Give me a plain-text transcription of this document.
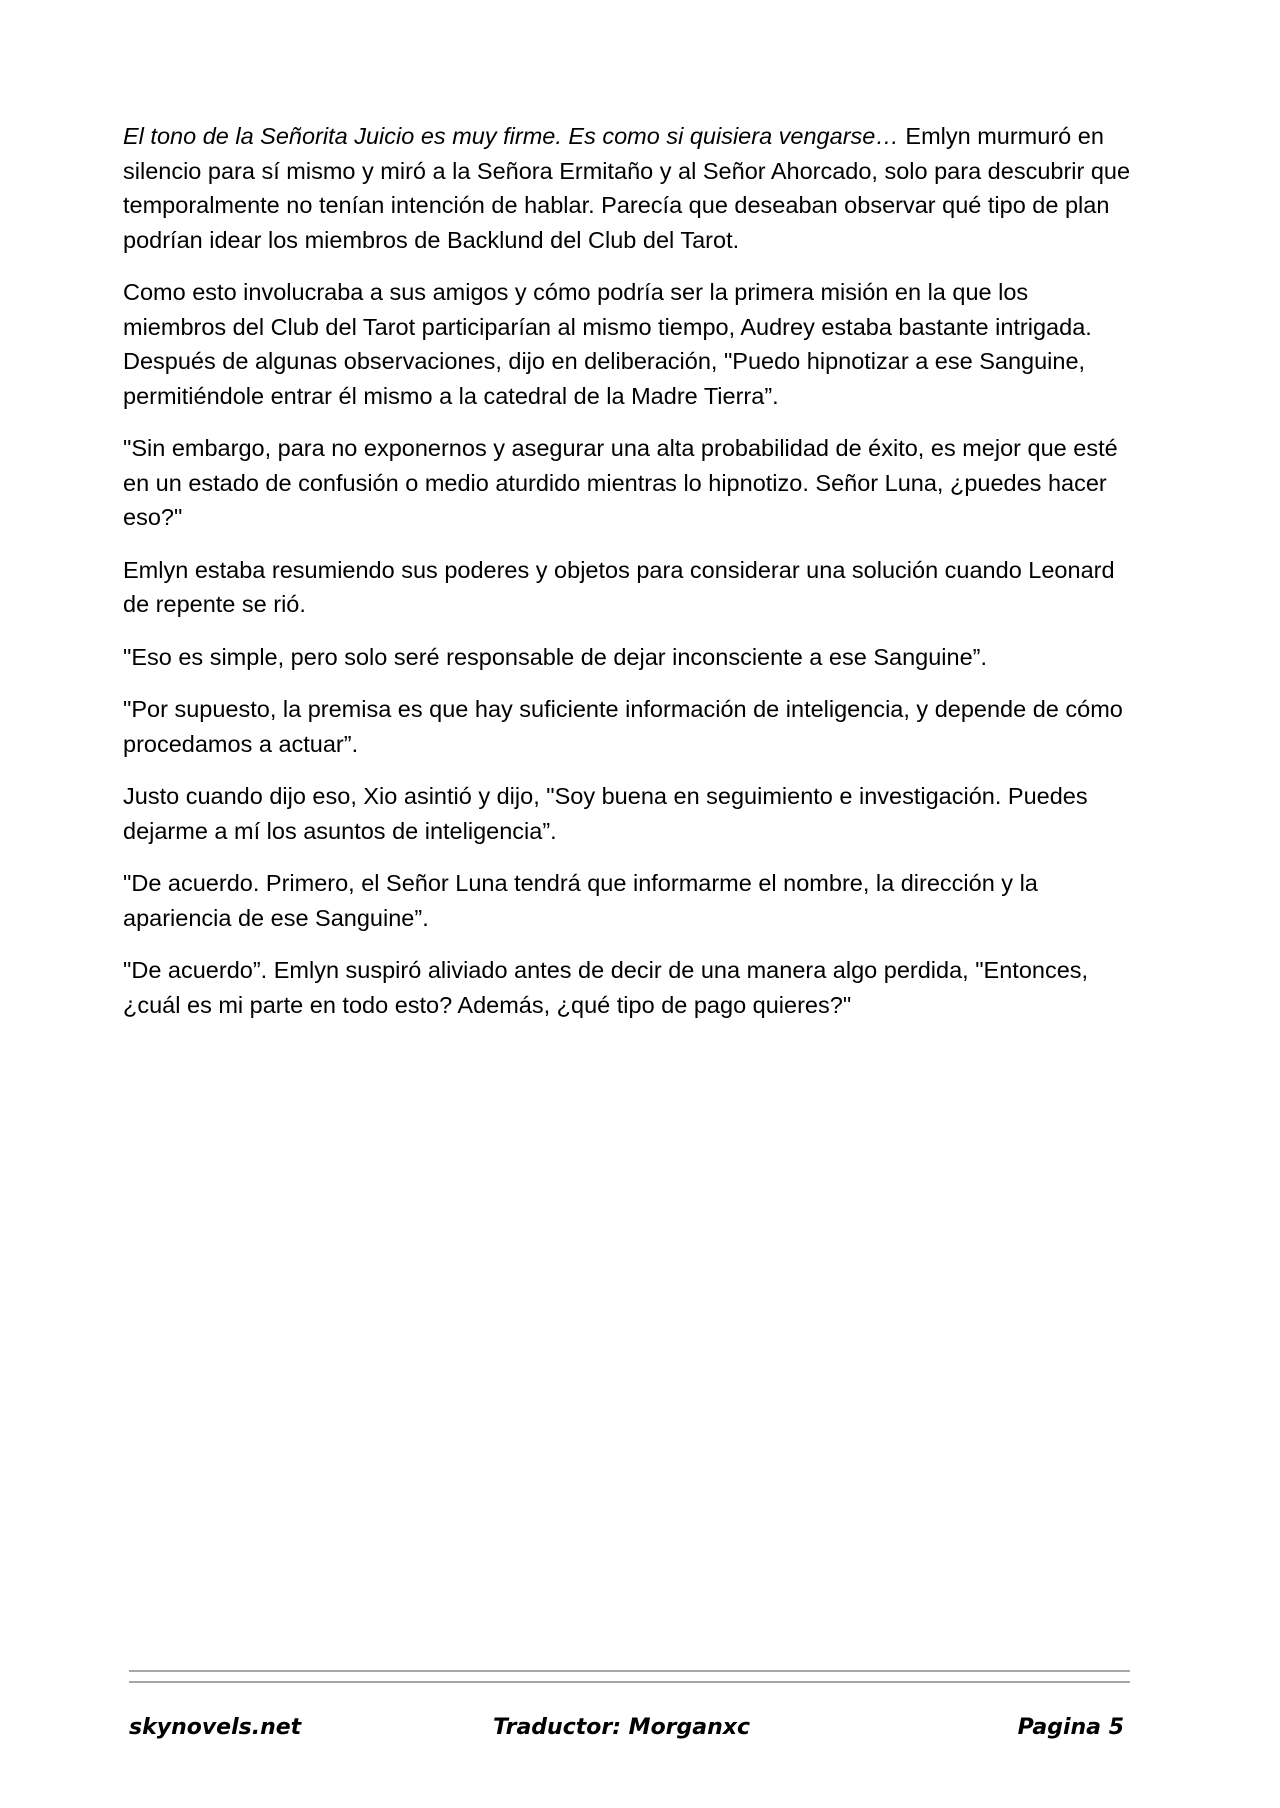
El tono de la Señorita Juicio es muy firme. Es como si quisiera vengarse… Emlyn murmuró en silencio para sí mismo y miró a la Señora Ermitaño y al Señor Ahorcado, solo para descubrir que temporalmente no tenían intención de hablar. Parecía que deseaban observar qué tipo de plan podrían idear los miembros de Backlund del Club del Tarot.

Como esto involucraba a sus amigos y cómo podría ser la primera misión en la que los miembros del Club del Tarot participarían al mismo tiempo, Audrey estaba bastante intrigada. Después de algunas observaciones, dijo en deliberación, "Puedo hipnotizar a ese Sanguine, permitiéndole entrar él mismo a la catedral de la Madre Tierra”.

"Sin embargo, para no exponernos y asegurar una alta probabilidad de éxito, es mejor que esté en un estado de confusión o medio aturdido mientras lo hipnotizo. Señor Luna, ¿puedes hacer eso?"

Emlyn estaba resumiendo sus poderes y objetos para considerar una solución cuando Leonard de repente se rió.

"Eso es simple, pero solo seré responsable de dejar inconsciente a ese Sanguine”.

"Por supuesto, la premisa es que hay suficiente información de inteligencia, y depende de cómo procedamos a actuar”.

Justo cuando dijo eso, Xio asintió y dijo, "Soy buena en seguimiento e investigación. Puedes dejarme a mí los asuntos de inteligencia”.

"De acuerdo. Primero, el Señor Luna tendrá que informarme el nombre, la dirección y la apariencia de ese Sanguine”.

"De acuerdo”. Emlyn suspiró aliviado antes de decir de una manera algo perdida, "Entonces, ¿cuál es mi parte en todo esto? Además, ¿qué tipo de pago quieres?"

skynovels.net	Traductor: Morganxc	Pagina 5
